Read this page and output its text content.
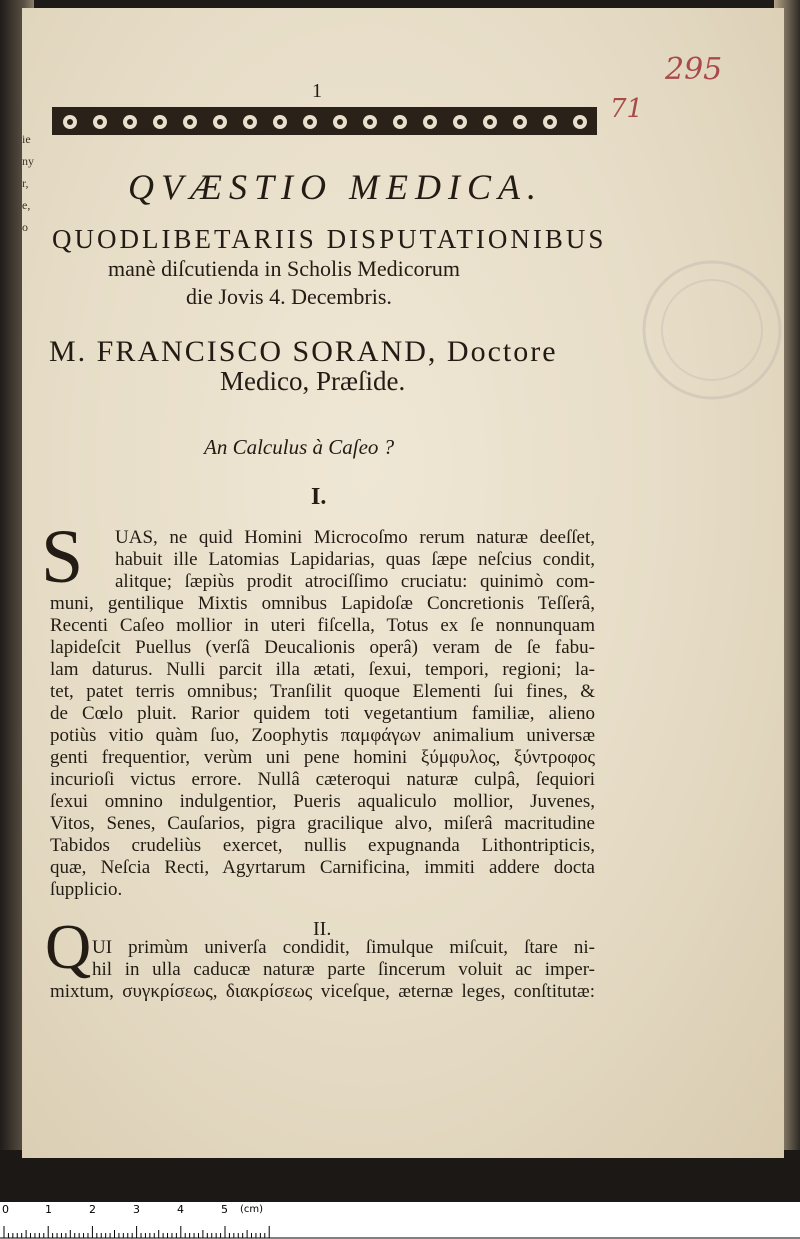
ie
ny
r,
e,
o
1
295
71
QVÆSTIO MEDICA.
QUODLIBETARIIS DISPUTATIONIBUS
manè diſcutienda in Scholis Medicorum
die Jovis 4. Decembris.
M. FRANCISCO SORAND, Doctore
Medico, Præſide.
An Calculus à Caſeo ?
I.
S UAS, ne quid Homini Microcoſmo rerum naturæ deeſſet,
habuit ille Latomias Lapidarias, quas ſæpe neſcius condit,
alitque; ſæpiùs prodit atrociſſimo cruciatu: quinimò com-
muni, gentilique Mixtis omnibus Lapidoſæ Concretionis Teſſerâ,
Recenti Caſeo mollior in uteri fiſcella, Totus ex ſe nonnunquam
lapideſcit Puellus (verſâ Deucalionis operâ) veram de ſe fabu-
lam daturus. Nulli parcit illa ætati, ſexui, tempori, regioni; la-
tet, patet terris omnibus; Tranſilit quoque Elementi ſui fines, &
de Cœlo pluit. Rarior quidem toti vegetantium familiæ, alieno
potiùs vitio quàm ſuo, Zoophytis παμφάγων animalium universæ
genti frequentior, verùm uni pene homini ξύμφυλος, ξύντροφος
incurioſi victus errore. Nullâ cæteroqui naturæ culpâ, ſequiori
ſexui omnino indulgentior, Pueris aqualiculo mollior, Juvenes,
Vitos, Senes, Cauſarios, pigra gracilique alvo, miſerâ macritudine
Tabidos crudeliùs exercet, nullis expugnanda Lithontripticis,
quæ, Neſcia Recti, Agyrtarum Carnificina, immiti addere docta
ſupplicio.
II.
Q UI primùm univerſa condidit, ſimulque miſcuit, ſtare ni-
hil in ulla caducæ naturæ parte ſincerum voluit ac imper-
mixtum, συγκρίσεως, διακρίσεως viceſque, æternæ leges, conſtitutæ:
0	1	2	3	4	5 (cm)
